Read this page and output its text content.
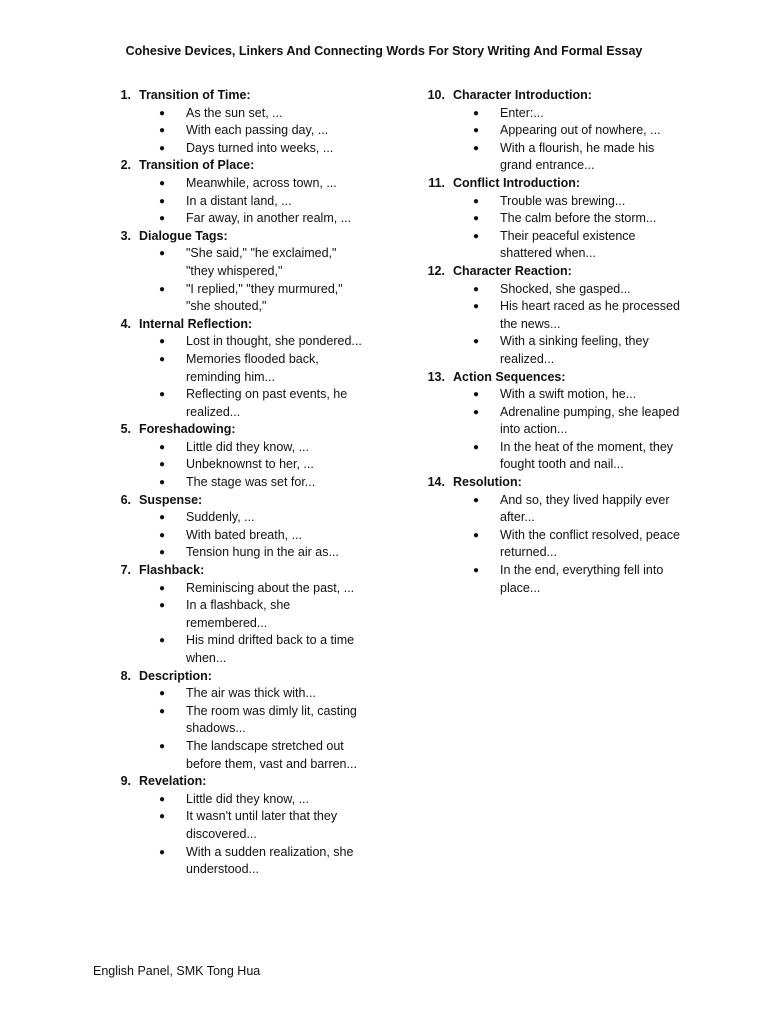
Cohesive Devices, Linkers And Connecting Words For Story Writing And Formal Essay
1. Transition of Time:
●	As the sun set, ...
●	With each passing day, ...
●	Days turned into weeks, ...
2. Transition of Place:
●	Meanwhile, across town, ...
●	In a distant land, ...
●	Far away, in another realm, ...
3. Dialogue Tags:
●	"She said," "he exclaimed," "they whispered,"
●	"I replied," "they murmured," "she shouted,"
4. Internal Reflection:
●	Lost in thought, she pondered...
●	Memories flooded back, reminding him...
●	Reflecting on past events, he realized...
5. Foreshadowing:
●	Little did they know, ...
●	Unbeknownst to her, ...
●	The stage was set for...
6. Suspense:
●	Suddenly, ...
●	With bated breath, ...
●	Tension hung in the air as...
7. Flashback:
●	Reminiscing about the past, ...
●	In a flashback, she remembered...
●	His mind drifted back to a time when...
8. Description:
●	The air was thick with...
●	The room was dimly lit, casting shadows...
●	The landscape stretched out before them, vast and barren...
9. Revelation:
●	Little did they know, ...
●	It wasn't until later that they discovered...
●	With a sudden realization, she understood...
10. Character Introduction:
●	Enter:...
●	Appearing out of nowhere, ...
●	With a flourish, he made his grand entrance...
11. Conflict Introduction:
●	Trouble was brewing...
●	The calm before the storm...
●	Their peaceful existence shattered when...
12. Character Reaction:
●	Shocked, she gasped...
●	His heart raced as he processed the news...
●	With a sinking feeling, they realized...
13. Action Sequences:
●	With a swift motion, he...
●	Adrenaline pumping, she leaped into action...
●	In the heat of the moment, they fought tooth and nail...
14. Resolution:
●	And so, they lived happily ever after...
●	With the conflict resolved, peace returned...
●	In the end, everything fell into place...
English Panel, SMK Tong Hua
